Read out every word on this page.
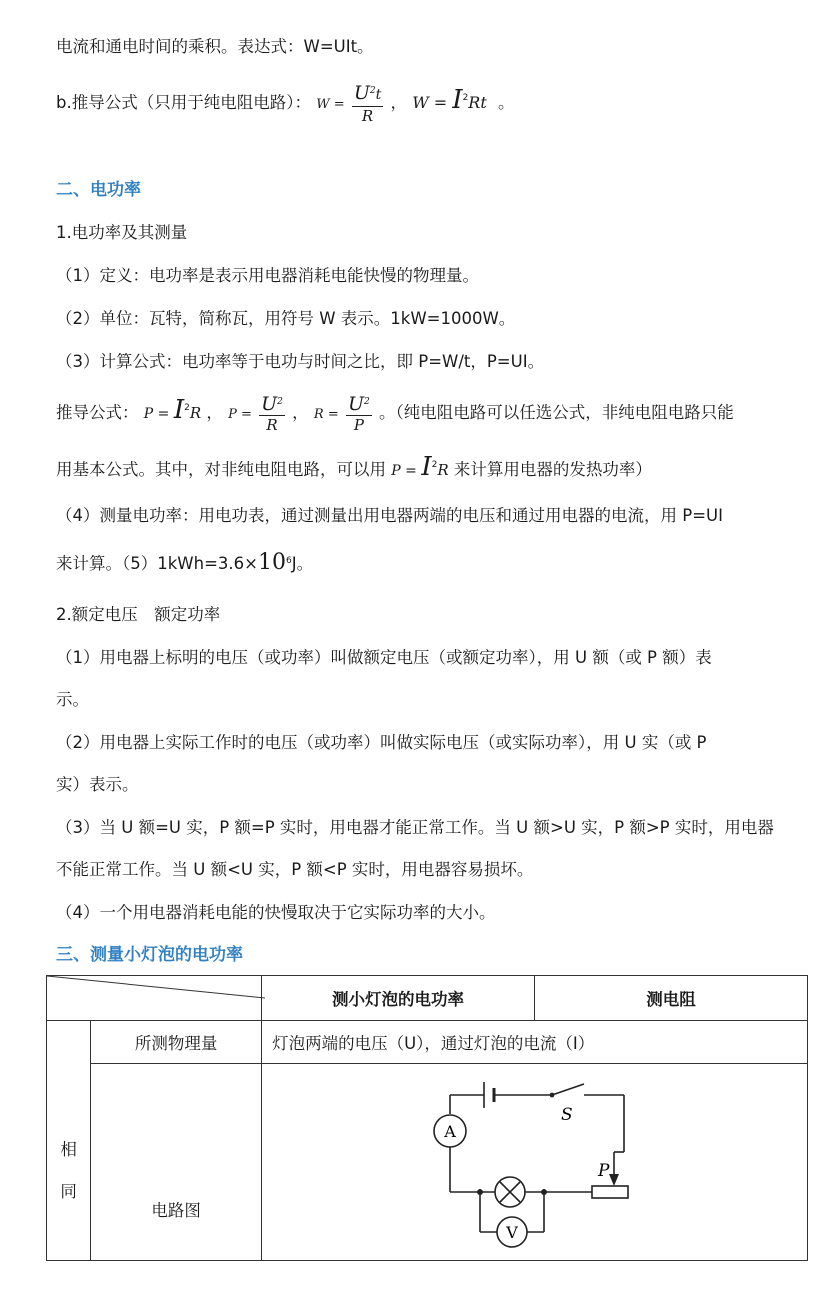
电流和通电时间的乘积。表达式：W=UIt。
b.推导公式（只用于纯电阻电路）： $W = \frac{U^2t}{R}$ ， $W = I^2Rt$ 。
二、电功率
1.电功率及其测量
（1）定义：电功率是表示用电器消耗电能快慢的物理量。
（2）单位：瓦特，简称瓦，用符号 W 表示。1kW=1000W。
（3）计算公式：电功率等于电功与时间之比，即 P=W/t，P=UI。
推导公式： $P = I^2R$ ， $P = \frac{U^2}{R}$ ， $R = \frac{U^2}{P}$ 。（纯电阻电路可以任选公式，非纯电阻电路只能
用基本公式。其中，对非纯电阻电路，可以用 $P = I^2R$ 来计算用电器的发热功率）
（4）测量电功率：用电功表，通过测量出用电器两端的电压和通过用电器的电流，用 P=UI
来计算。$(5)1kWh=3.6\times 10^6J$。
2.额定电压　额定功率
（1）用电器上标明的电压（或功率）叫做额定电压（或额定功率），用 U 额（或 P 额）表
示。
（2）用电器上实际工作时的电压（或功率）叫做实际电压（或实际功率），用 U 实（或 P
实）表示。
（3）当 U 额=U 实，P 额=P 实时，用电器才能正常工作。当 U 额>U 实，P 额>P 实时，用电器
不能正常工作。当 U 额<U 实，P 额<P 实时，用电器容易损坏。
（4）一个用电器消耗电能的快慢取决于它实际功率的大小。
三、测量小灯泡的电功率
	测小灯泡的电功率	测电阻

相
同	所测物理量	灯泡两端的电压（U），通过灯泡的电流（I）	

	电路图	A
S
P
V	
